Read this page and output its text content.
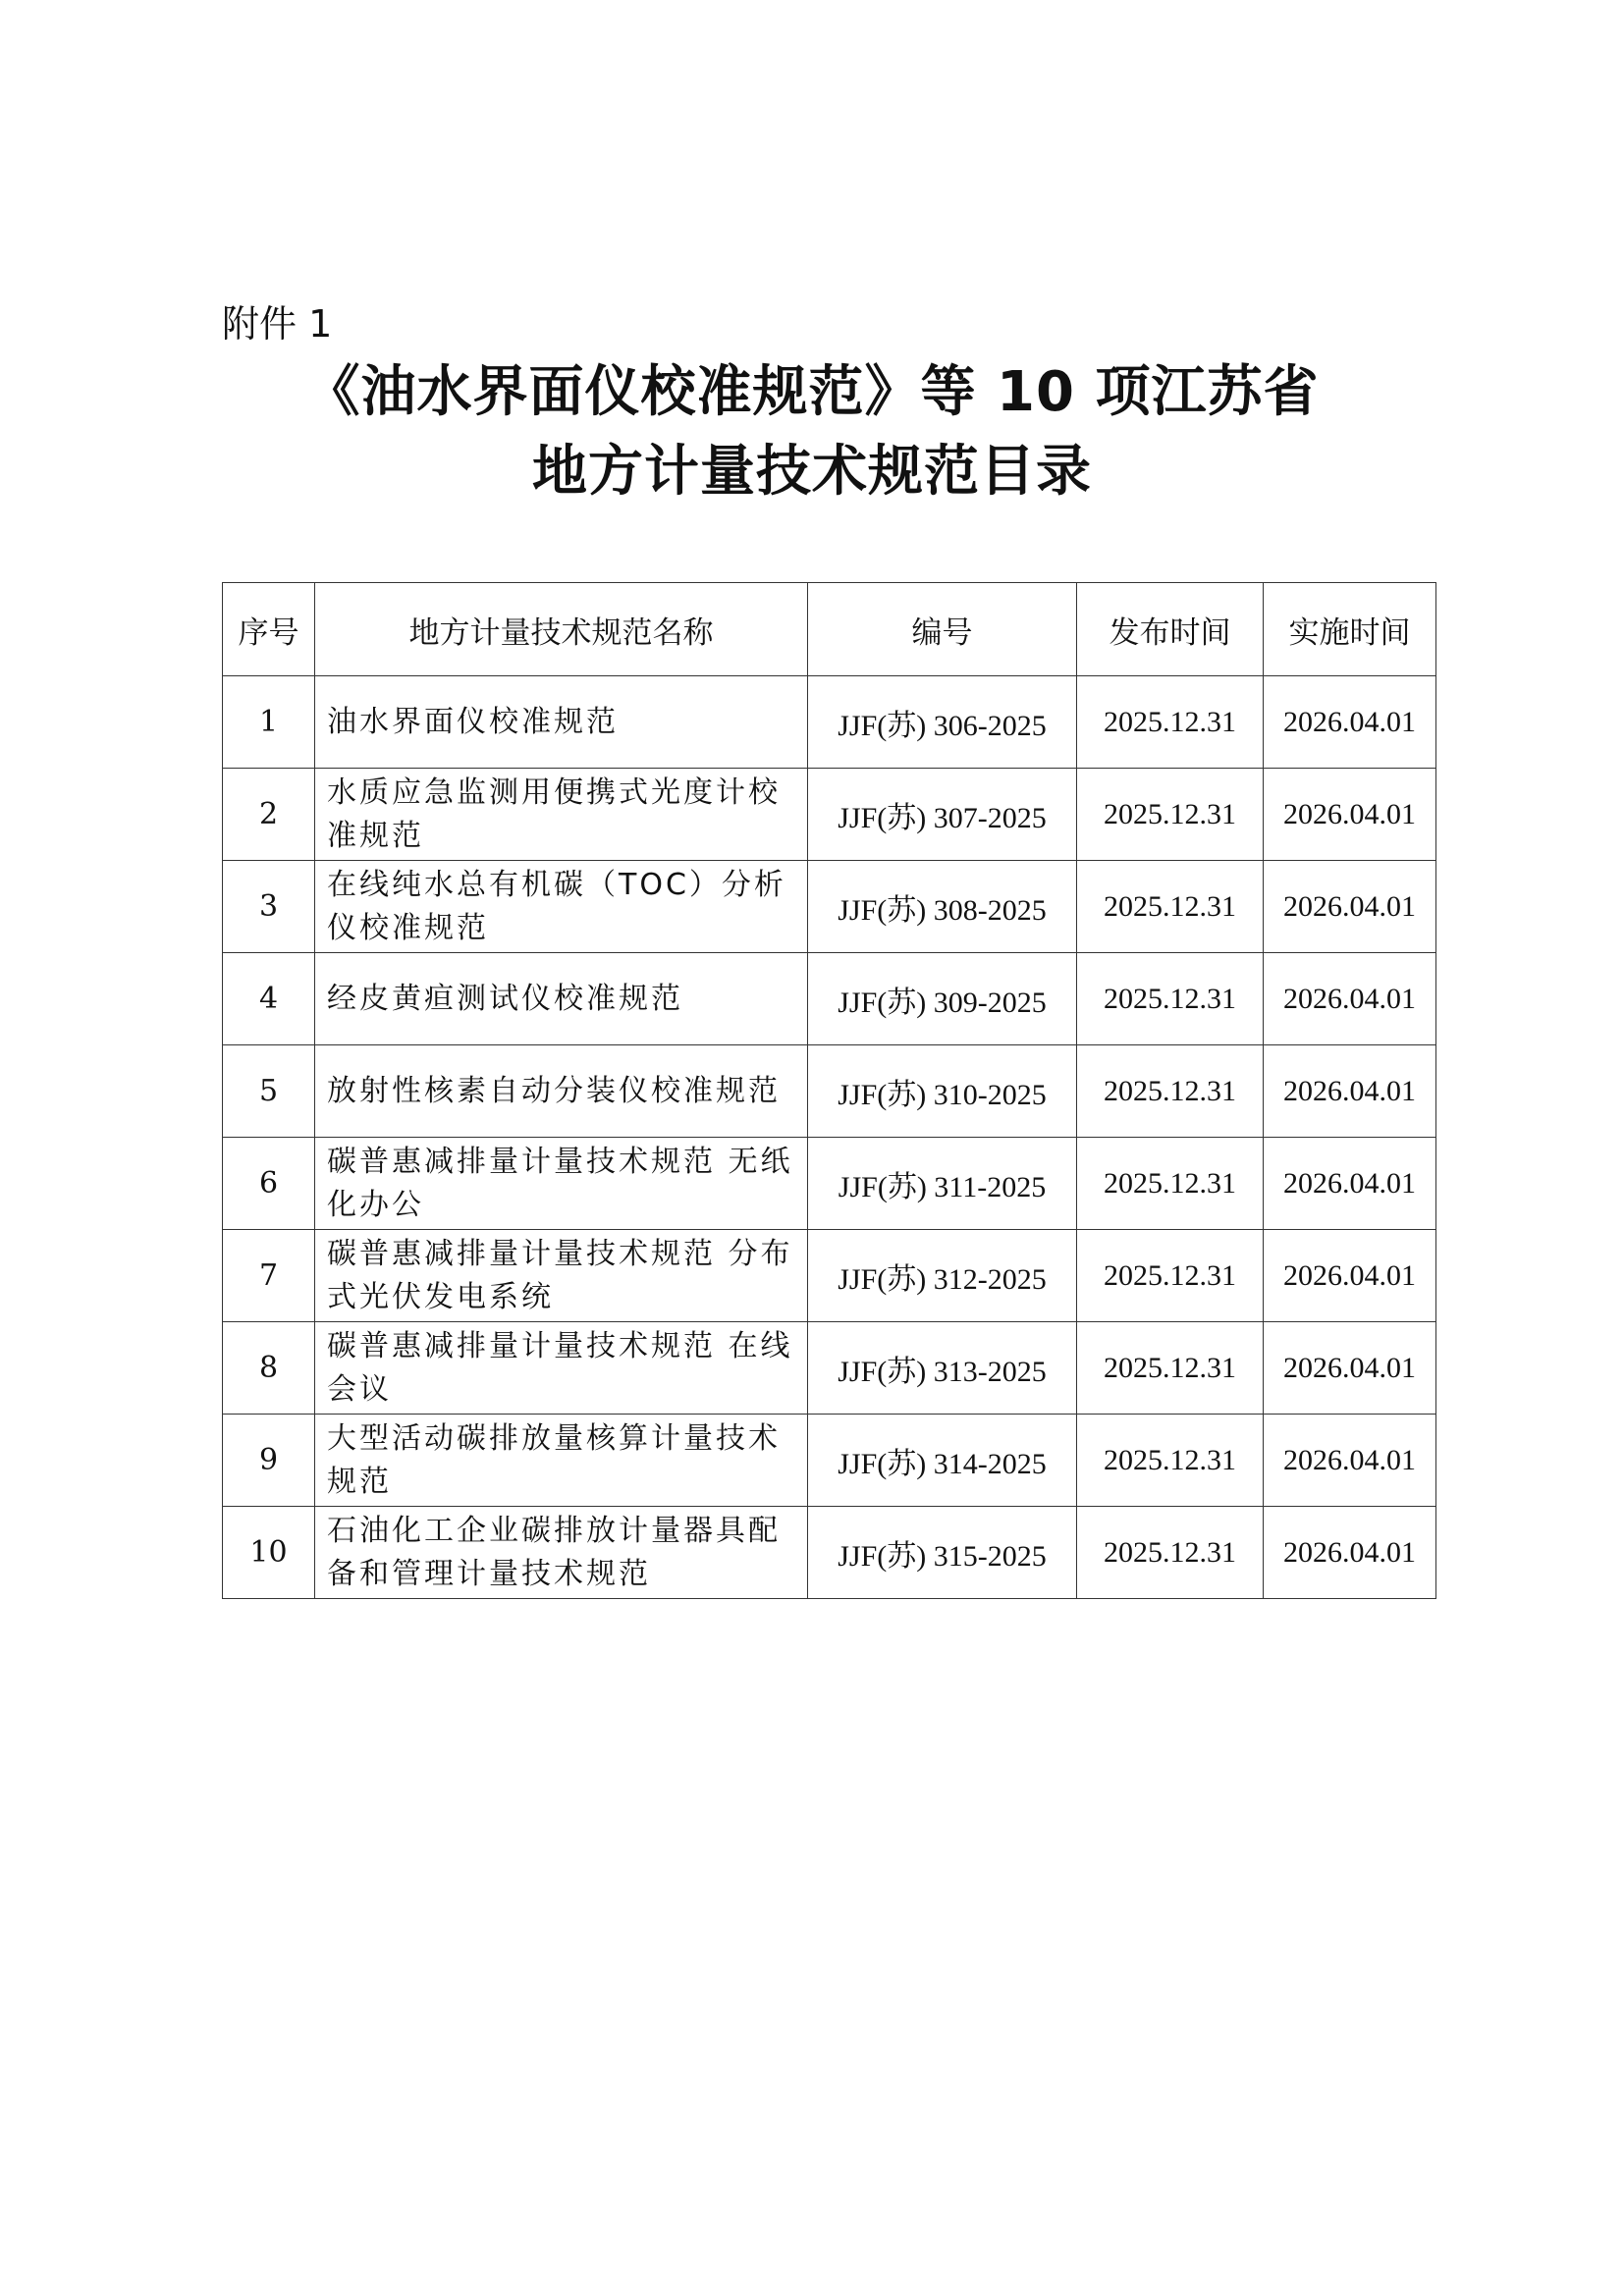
附件 1
《油水界面仪校准规范》等 10 项江苏省
地方计量技术规范目录
序号	地方计量技术规范名称	编号	发布时间	实施时间
1	油水界面仪校准规范	JJF(苏) 306-2025	2025.12.31	2026.04.01
2	水质应急监测用便携式光度计校准规范	JJF(苏) 307-2025	2025.12.31	2026.04.01
3	在线纯水总有机碳（TOC）分析仪校准规范	JJF(苏) 308-2025	2025.12.31	2026.04.01
4	经皮黄疸测试仪校准规范	JJF(苏) 309-2025	2025.12.31	2026.04.01
5	放射性核素自动分装仪校准规范	JJF(苏) 310-2025	2025.12.31	2026.04.01
6	碳普惠减排量计量技术规范 无纸化办公	JJF(苏) 311-2025	2025.12.31	2026.04.01
7	碳普惠减排量计量技术规范 分布式光伏发电系统	JJF(苏) 312-2025	2025.12.31	2026.04.01
8	碳普惠减排量计量技术规范 在线会议	JJF(苏) 313-2025	2025.12.31	2026.04.01
9	大型活动碳排放量核算计量技术规范	JJF(苏) 314-2025	2025.12.31	2026.04.01
10	石油化工企业碳排放计量器具配备和管理计量技术规范	JJF(苏) 315-2025	2025.12.31	2026.04.01
